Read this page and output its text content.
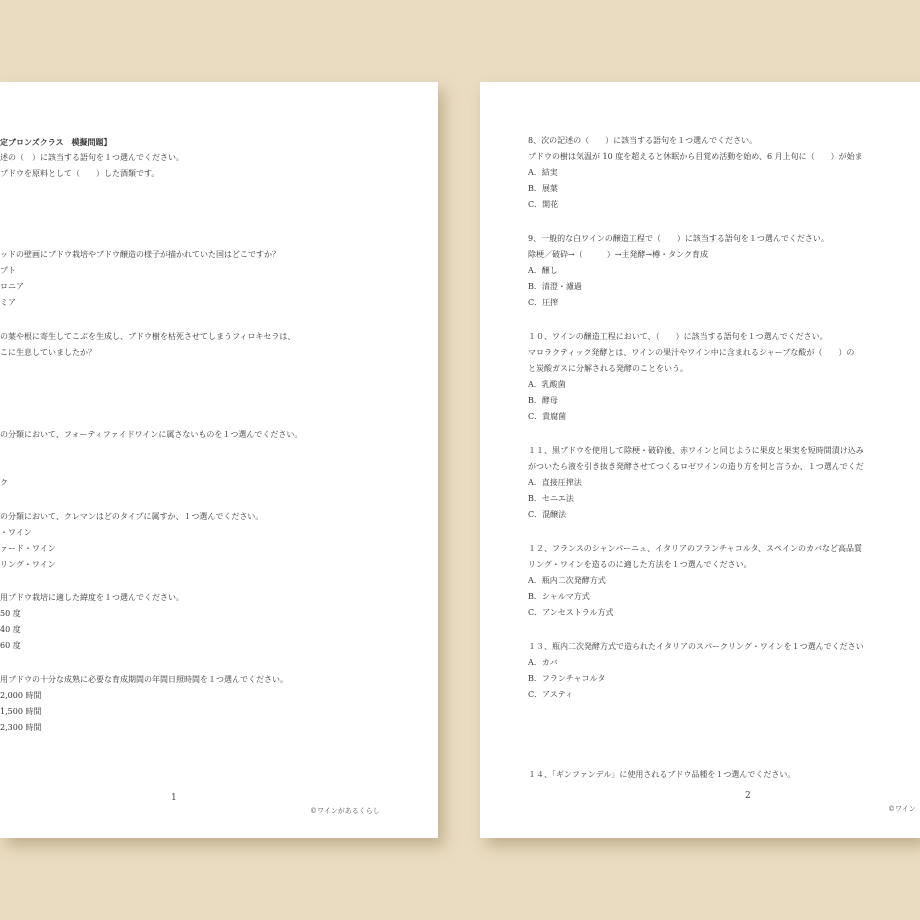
定ブロンズクラス　模擬問題】
述の（　）に該当する語句を１つ選んでください。
ブドウを原料として（　　）した酒類です。
ッドの壁画にブドウ栽培やブドウ醸造の様子が描かれていた国はどこですか？
プト
ロニア
ミア
の葉や根に寄生してこぶを生成し、ブドウ樹を枯死させてしまうフィロキセラは、
こに生息していましたか？
の分類において、フォーティファイドワインに属さないものを１つ選んでください。
ク
の分類において、クレマンはどのタイプに属すか、１つ選んでください。
・ワイン
ァード・ワイン
リング・ワイン
用ブドウ栽培に適した緯度を１つ選んでください。
50 度
40 度
60 度
用ブドウの十分な成熟に必要な育成期間の年間日照時間を１つ選んでください。
2,000 時間
1,500 時間
2,300 時間
1
©ワインがあるくらし
8、次の記述の（　　）に該当する語句を１つ選んでください。
ブドウの樹は気温が 10 度を超えると休眠から目覚め活動を始め、6 月上旬に（　　）が始ま
A．結実
B．展葉
C．開花
9、一般的な白ワインの醸造工程で（　　）に該当する語句を１つ選んでください。
除梗／破砕→（　　　）→主発酵→樽・タンク育成
A．醸し
B．清澄・濾過
C．圧搾
１０、ワインの醸造工程において、（　　）に該当する語句を１つ選んでください。
マロラクティック発酵とは、ワインの果汁やワイン中に含まれるシャープな酸が（　　）の
と炭酸ガスに分解される発酵のことをいう。
A．乳酸菌
B．酵母
C．貴腐菌
１１、黒ブドウを使用して除梗・破砕後、赤ワインと同じように果皮と果実を短時間漬け込み
がついたら液を引き抜き発酵させてつくるロゼワインの造り方を何と言うか、１つ選んでくだ
A．直接圧搾法
B．セニエ法
C．混醸法
１２、フランスのシャンパーニュ、イタリアのフランチャコルタ、スペインのカバなど高品質
リング・ワインを造るのに適した方法を１つ選んでください。
A．瓶内二次発酵方式
B．シャルマ方式
C．アンセストラル方式
１３、瓶内二次発酵方式で造られたイタリアのスパークリング・ワインを１つ選んでください
A．カバ
B．フランチャコルタ
C．アスティ
１４、「ギンファンデル」に使用されるブドウ品種を１つ選んでください。
2
©ワイン
